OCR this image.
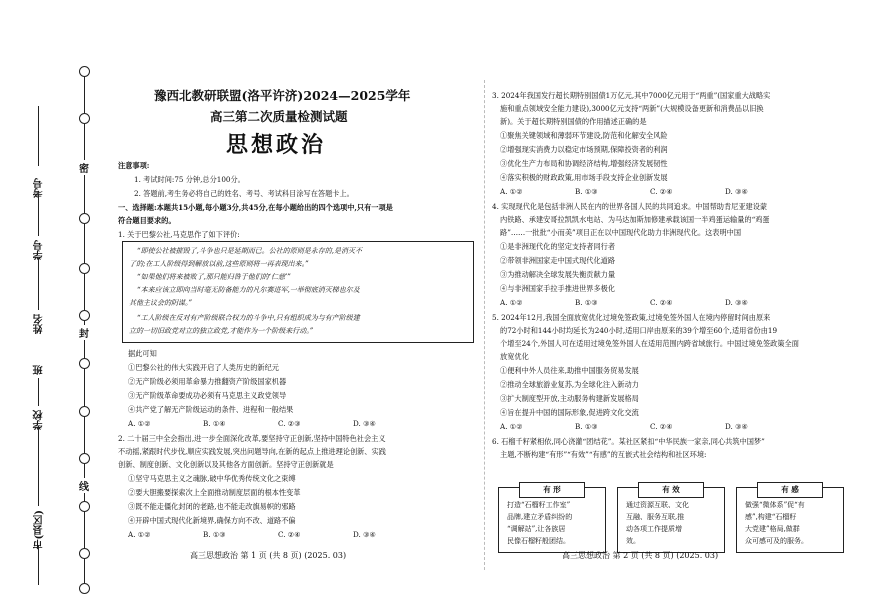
密
封
线
考号
学号
姓名
班
学校
市(县区)
豫西北教研联盟(洛平许济)2024—2025学年
高三第二次质量检测试题
思想政治
注意事项:
1. 考试时间:75 分钟,总分100分。
2. 答题前,考生务必将自己的姓名、考号、考试科目涂写在答题卡上。
一、选择题:本题共15小题,每小题3分,共45分,在每小题给出的四个选项中,只有一项是
符合题目要求的。
1. 关于巴黎公社,马克思作了如下评价:
“即使公社被摧毁了,斗争也只是延期而已。公社的原则是永存的,是消灭不
了的;在工人阶级得到解放以前,这些原则将一再表现出来。”
“如果他们将来被败了,那只能归咎于他们的‘仁慈’”
“本来应该立即向当时毫无防备能力的凡尔赛进军,一举彻底消灭梯也尔及
其他主议会的阴谋。”
“工人阶级在反对有产阶级联合权力的斗争中,只有组织成为与有产阶级建
立的一切旧政党对立的独立政党,才能作为一个阶级来行动。”
据此可知
①巴黎公社的伟大实践开启了人类历史的新纪元
②无产阶级必须用革命暴力推翻资产阶级国家机器
③无产阶级革命要成功必须有马克思主义政党领导
④共产党了解无产阶级运动的条件、进程和一般结果
A. ①②	B. ①④	C. ②③	D. ③④
2. 二十届三中全会指出,进一步全面深化改革,要坚持守正创新,坚持中国特色社会主义
不动摇,紧跟时代步伐,顺应实践发展,突出问题导向,在新的起点上推进理论创新、实践
创新、制度创新、文化创新以及其他各方面创新。坚持守正创新就是
①坚守马克思主义之魂脉,破中华优秀传统文化之束缚
②要大胆搬要探索次上全面推动制度层面的根本性变革
③既不能走僵化封闭的老路,也不能走改旗易帜的邪路
④开辟中国式现代化新境界,确保方向不改、道路不偏
A. ①②	B. ①③	C. ②④	D. ③④
高三思想政治 第 1 页 (共 8 页) (2025. 03)
3. 2024年我国发行超长期特别国债1万亿元,其中7000亿元用于“两重”(国家重大战略实
施和重点领域安全能力建设),3000亿元支持“两新”(大规模设备更新和消费品以旧换
新)。关于超长期特别国债的作用描述正确的是
①聚焦关键领域和薄弱环节建设,防范和化解安全风险
②增强现实消费力以稳定市场预期,保障投资者的利润
③优化生产力布局和协调经济结构,增强经济发展韧性
④落实积极的财政政策,用市场手段支持企业创新发展
A. ①②	B. ①③	C. ②④	D. ③④
4. 实现现代化是包括非洲人民在内的世界各国人民的共同追求。中国帮助肯尼亚建设蒙
内铁路、承建安哥拉凯凯水电站、为马达加斯加修建承载该国一半鸡蛋运输量的“鸡蛋
路”……一批批“小而美”项目正在以中国现代化助力非洲现代化。这表明中国
①是非洲现代化的坚定支持者同行者
②带领非洲国家走中国式现代化道路
③为推动解决全球发展失衡贡献力量
④与非洲国家手拉手推进世界多极化
A. ①②	B. ①③	C. ②④	D. ③④
5. 2024年12月,我国全面放宽优化过境免签政策,过境免签外国人在境内停留时间由原来
的72小时和144小时均延长为240小时,适用口岸由原来的39个增至60个,适用省份由19
个增至24个,外国人可在适用过境免签外国人在适用范围内跨省域旅行。中国过境免签政策全面
放宽优化
①便利中外人员往来,助推中国服务贸易发展
②推动全球旅游业复苏,为全球化注入新动力
③扩大制度型开放,主动服务构建新发展格局
④旨在提升中国的国际形象,促进跨文化交流
A. ①②	B. ①③	C. ②④	D. ③④
6. 石榴千籽紧相依,同心浇灌“团结花”。某社区紧扣“中华民族一家亲,同心共筑中国梦”
主题,不断构建“有形”“有效”“有感”的互嵌式社会结构和社区环境:
有 形
打造“石榴籽工作室”
品牌,建立矛盾纠纷的
“调解站”,让各族居
民像石榴籽般团结。
有 效
通过资源互联、文化
互融、服务互联,推
动各项工作提质增
效。
有 感
做强“微体系”促“有
感”,构建“石榴籽
大党建”格局,做群
众可感可及的服务。
高三思想政治 第 2 页 (共 8 页) (2025. 03)
